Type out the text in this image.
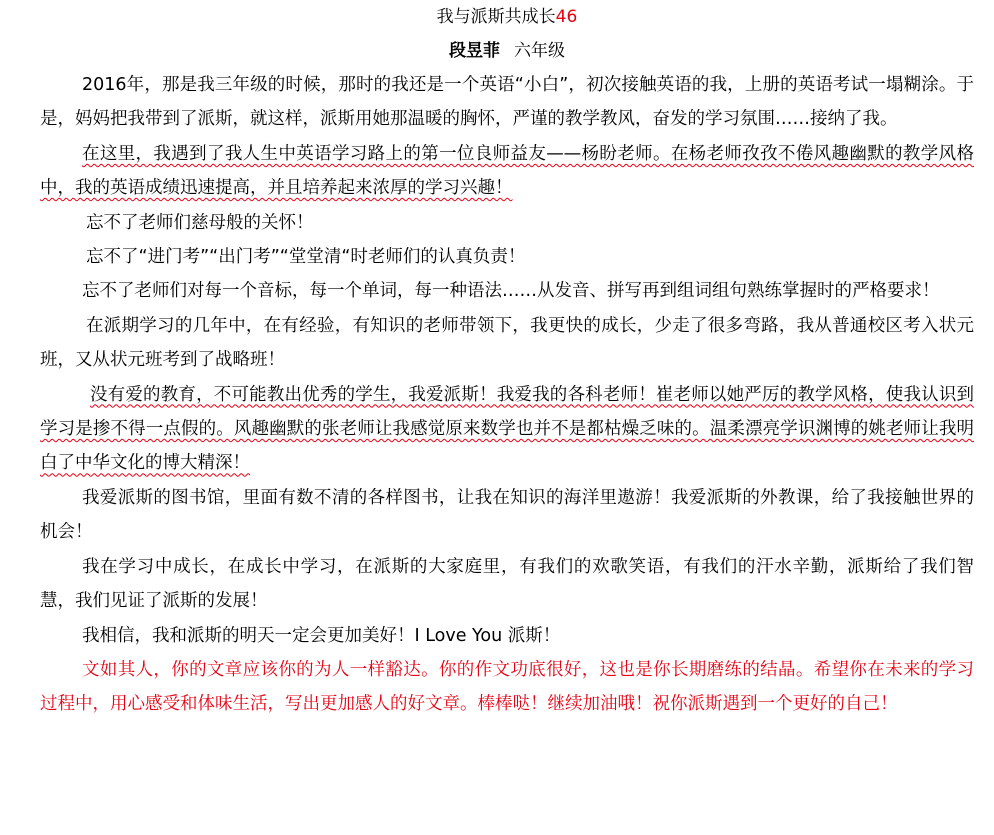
我与派斯共成长46
段昱菲 六年级

2016年，那是我三年级的时候，那时的我还是一个英语“小白”，初次接触英语的我，上册的英语考试一塌糊涂。于是，妈妈把我带到了派斯，就这样，派斯用她那温暖的胸怀，严谨的教学教风，奋发的学习氛围……接纳了我。

在这里，我遇到了我人生中英语学习路上的第一位良师益友——杨盼老师。在杨老师孜孜不倦风趣幽默的教学风格中，我的英语成绩迅速提高，并且培养起来浓厚的学习兴趣！

忘不了老师们慈母般的关怀！

忘不了“进门考”“出门考”“堂堂清“时老师们的认真负责！

忘不了老师们对每一个音标，每一个单词，每一种语法……从发音、拼写再到组词组句熟练掌握时的严格要求！

在派期学习的几年中，在有经验，有知识的老师带领下，我更快的成长，少走了很多弯路，我从普通校区考入状元班，又从状元班考到了战略班！

没有爱的教育，不可能教出优秀的学生，我爱派斯！我爱我的各科老师！崔老师以她严厉的教学风格，使我认识到学习是掺不得一点假的。风趣幽默的张老师让我感觉原来数学也并不是都枯燥乏味的。温柔漂亮学识渊博的姚老师让我明白了中华文化的博大精深！

我爱派斯的图书馆，里面有数不清的各样图书，让我在知识的海洋里遨游！我爱派斯的外教课，给了我接触世界的机会！

我在学习中成长，在成长中学习，在派斯的大家庭里，有我们的欢歌笑语，有我们的汗水辛勤，派斯给了我们智慧，我们见证了派斯的发展！

我相信，我和派斯的明天一定会更加美好！I Love You 派斯！

文如其人，你的文章应该你的为人一样豁达。你的作文功底很好，这也是你长期磨练的结晶。希望你在未来的学习过程中，用心感受和体味生活，写出更加感人的好文章。棒棒哒！继续加油哦！祝你派斯遇到一个更好的自己！
